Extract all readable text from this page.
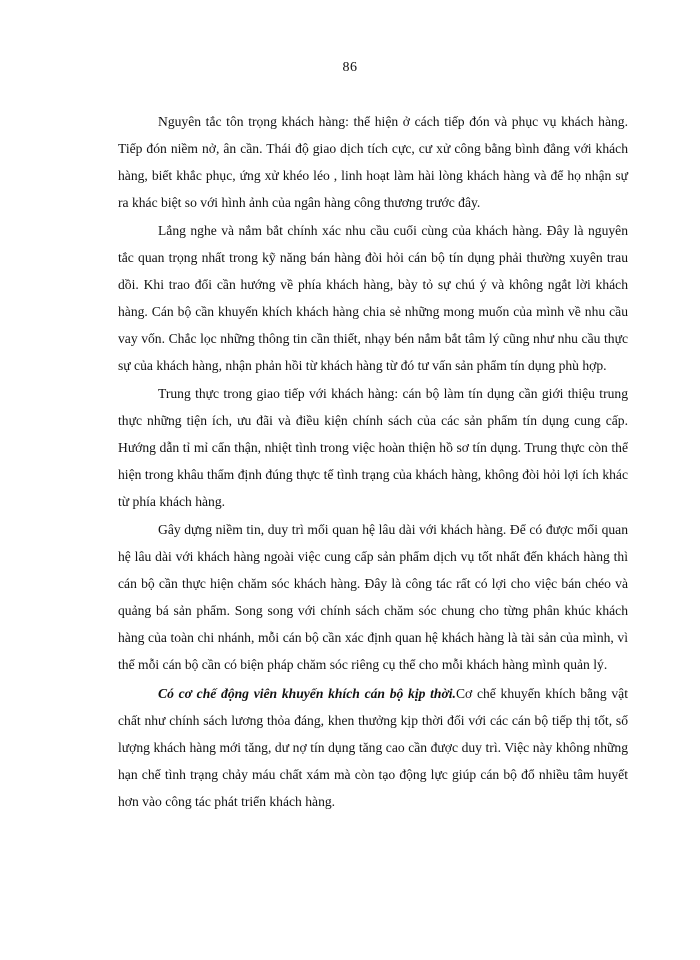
86

Nguyên tắc tôn trọng khách hàng: thể hiện ở cách tiếp đón và phục vụ khách hàng. Tiếp đón niềm nở, ân cần. Thái độ giao dịch tích cực, cư xử công bằng bình đẳng với khách hàng, biết khắc phục, ứng xử khéo léo , linh hoạt làm hài lòng khách hàng và để họ nhận sự ra khác biệt so với hình ảnh của ngân hàng công thương trước đây.

Lắng nghe và nắm bắt chính xác nhu cầu cuối cùng của khách hàng. Đây là nguyên tắc quan trọng nhất trong kỹ năng bán hàng đòi hỏi cán bộ tín dụng phải thường xuyên trau dồi. Khi trao đổi cần hướng về phía khách hàng, bày tỏ sự chú ý và không ngắt lời khách hàng. Cán bộ cần khuyến khích khách hàng chia sẻ những mong muốn của mình về nhu cầu vay vốn. Chắc lọc những thông tin cần thiết, nhạy bén nắm bắt tâm lý cũng như nhu cầu thực sự của khách hàng, nhận phản hồi từ khách hàng từ đó tư vấn sản phẩm tín dụng phù hợp.

Trung thực trong giao tiếp với khách hàng: cán bộ làm tín dụng cần giới thiệu trung thực những tiện ích, ưu đãi và điều kiện chính sách của các sản phẩm tín dụng cung cấp. Hướng dẫn tỉ mỉ cẩn thận, nhiệt tình trong việc hoàn thiện hồ sơ tín dụng. Trung thực còn thể hiện trong khâu thẩm định đúng thực tế tình trạng của khách hàng, không đòi hỏi lợi ích khác từ phía khách hàng.

Gây dựng niềm tin, duy trì mối quan hệ lâu dài với khách hàng. Để có được mối quan hệ lâu dài với khách hàng ngoài việc cung cấp sản phẩm dịch vụ tốt nhất đến khách hàng thì cán bộ cần thực hiện chăm sóc khách hàng. Đây là công tác rất có lợi cho việc bán chéo và quảng bá sản phẩm. Song song với chính sách chăm sóc chung cho từng phân khúc khách hàng của toàn chi nhánh, mỗi cán bộ cần xác định quan hệ khách hàng là tài sản của mình, vì thế mỗi cán bộ cần có biện pháp chăm sóc riêng cụ thể cho mỗi khách hàng mình quản lý.

Có cơ chế động viên khuyến khích cán bộ kịp thời.Cơ chế khuyến khích bằng vật chất như chính sách lương thỏa đáng, khen thưởng kịp thời đối với các cán bộ tiếp thị tốt, số lượng khách hàng mới tăng, dư nợ tín dụng tăng cao cần được duy trì. Việc này không những hạn chế tình trạng chảy máu chất xám mà còn tạo động lực giúp cán bộ đổ nhiều tâm huyết hơn vào công tác phát triển khách hàng.
